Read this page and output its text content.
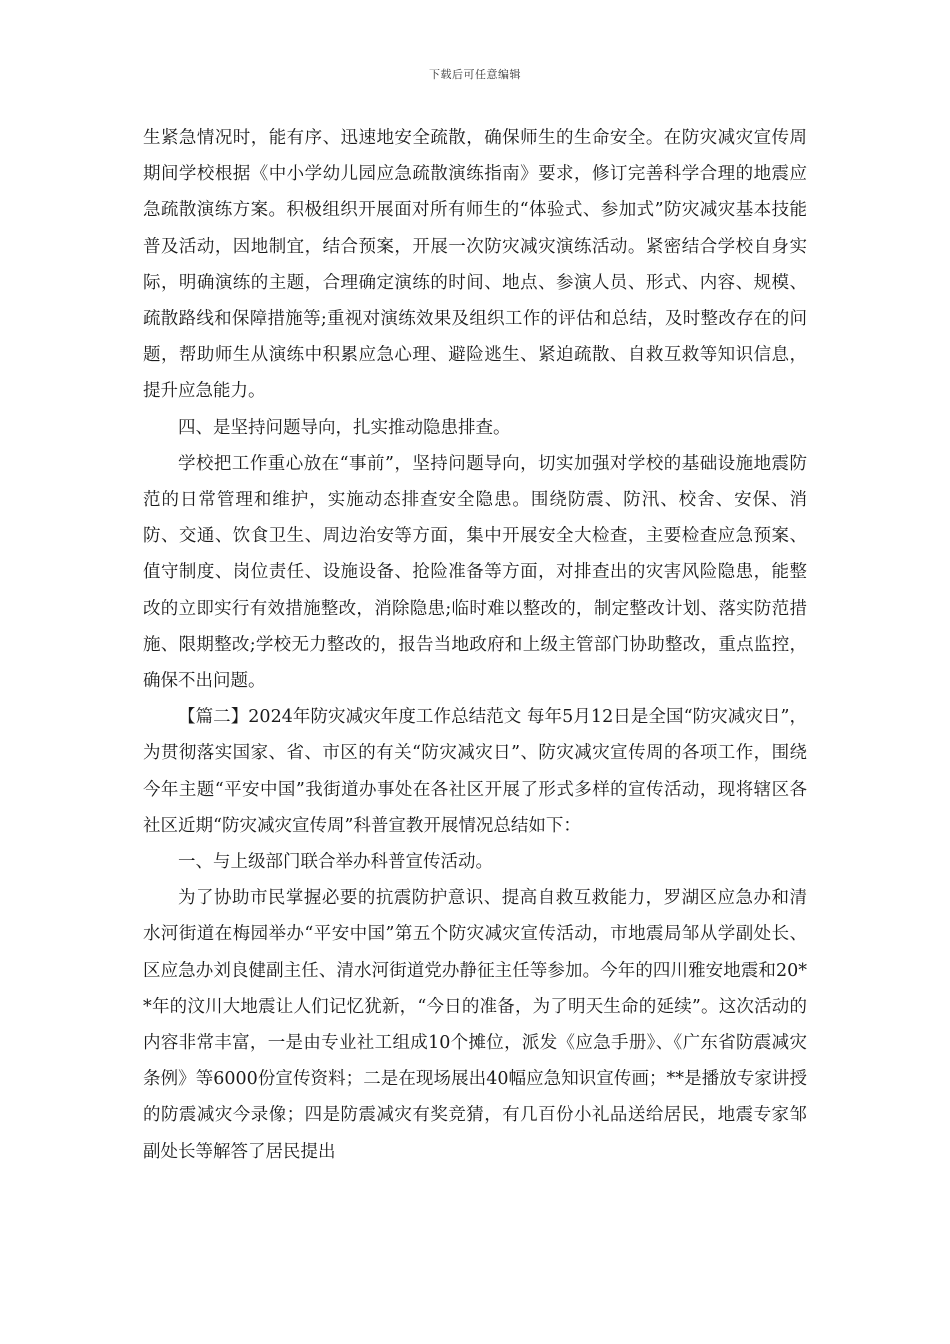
下载后可任意编辑

生紧急情况时，能有序、迅速地安全疏散，确保师生的生命安全。在防灾减灾宣传周期间学校根据《中小学幼儿园应急疏散演练指南》要求，修订完善科学合理的地震应急疏散演练方案。积极组织开展面对所有师生的“体验式、参加式”防灾减灾基本技能普及活动，因地制宜，结合预案，开展一次防灾减灾演练活动。紧密结合学校自身实际，明确演练的主题，合理确定演练的时间、地点、参演人员、形式、内容、规模、疏散路线和保障措施等;重视对演练效果及组织工作的评估和总结，及时整改存在的问题，帮助师生从演练中积累应急心理、避险逃生、紧迫疏散、自救互救等知识信息，提升应急能力。

四、是坚持问题导向，扎实推动隐患排查。

学校把工作重心放在“事前”，坚持问题导向，切实加强对学校的基础设施地震防范的日常管理和维护，实施动态排查安全隐患。围绕防震、防汛、校舍、安保、消防、交通、饮食卫生、周边治安等方面，集中开展安全大检查，主要检查应急预案、值守制度、岗位责任、设施设备、抢险准备等方面，对排查出的灾害风险隐患，能整改的立即实行有效措施整改，消除隐患;临时难以整改的，制定整改计划、落实防范措施、限期整改;学校无力整改的，报告当地政府和上级主管部门协助整改，重点监控，确保不出问题。

【篇二】2024年防灾减灾年度工作总结范文 每年5月12日是全国“防灾减灾日”，为贯彻落实国家、省、市区的有关“防灾减灾日”、防灾减灾宣传周的各项工作，围绕今年主题“平安中国”我街道办事处在各社区开展了形式多样的宣传活动，现将辖区各社区近期“防灾减灾宣传周”科普宣教开展情况总结如下：

一、与上级部门联合举办科普宣传活动。

为了协助市民掌握必要的抗震防护意识、提高自救互救能力，罗湖区应急办和清水河街道在梅园举办“平安中国”第五个防灾减灾宣传活动，市地震局邹从学副处长、区应急办刘良健副主任、清水河街道党办静征主任等参加。今年的四川雅安地震和20**年的汶川大地震让人们记忆犹新，“今日的准备，为了明天生命的延续”。这次活动的内容非常丰富，一是由专业社工组成10个摊位，派发《应急手册》、《广东省防震减灾条例》等6000份宣传资料；二是在现场展出40幅应急知识宣传画；**是播放专家讲授的防震减灾今录像；四是防震减灾有奖竞猜，有几百份小礼品送给居民，地震专家邹副处长等解答了居民提出
